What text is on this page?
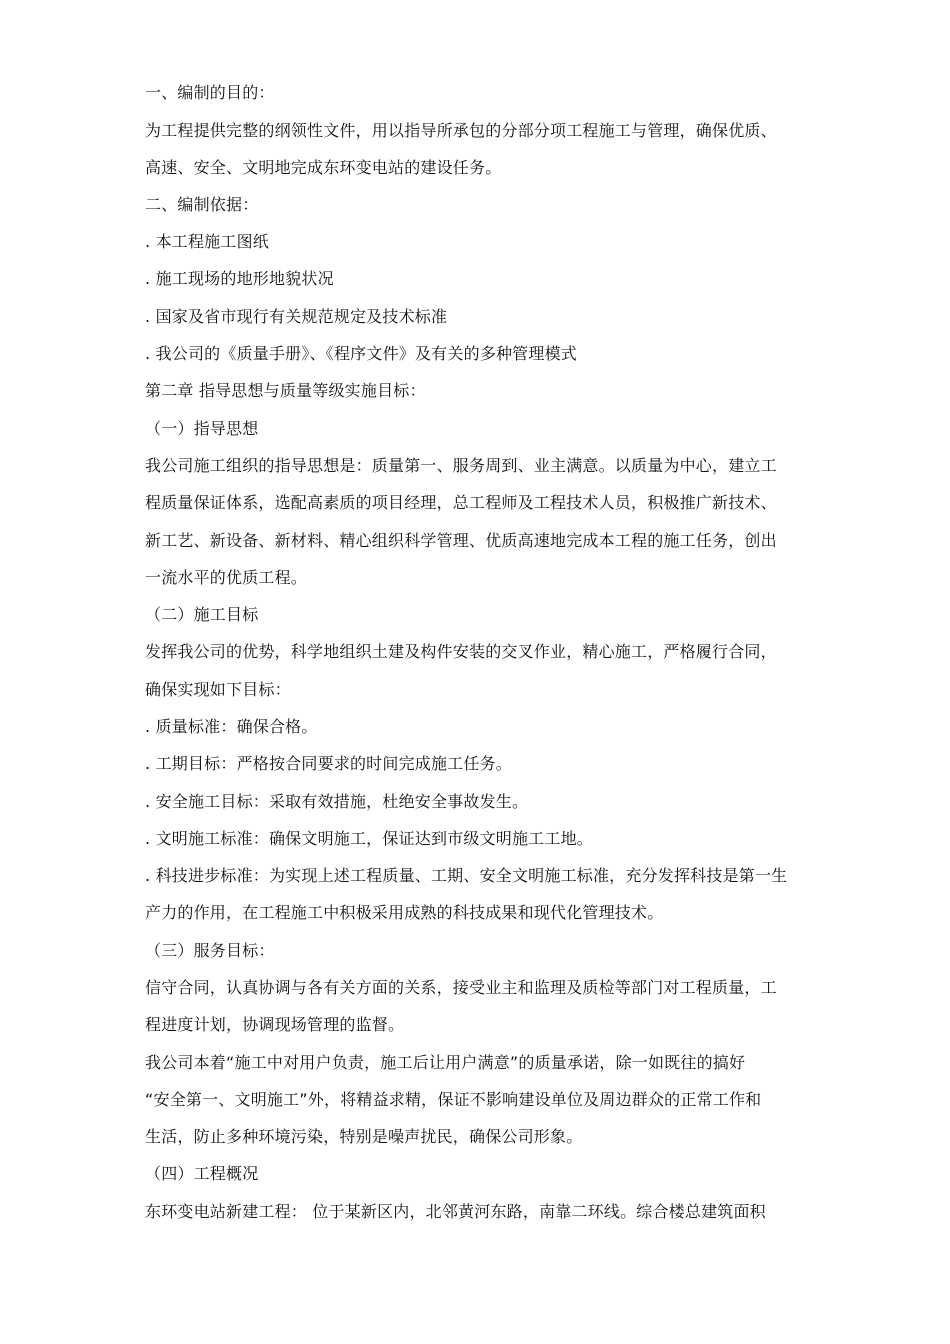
一、编制的目的：
为工程提供完整的纲领性文件，用以指导所承包的分部分项工程施工与管理，确保优质、
高速、安全、文明地完成东环变电站的建设任务。
二、编制依据：
. 本工程施工图纸
. 施工现场的地形地貌状况
. 国家及省市现行有关规范规定及技术标准
. 我公司的《质量手册》、《程序文件》及有关的多种管理模式
第二章 指导思想与质量等级实施目标：
（一）指导思想
我公司施工组织的指导思想是：质量第一、服务周到、业主满意。以质量为中心，建立工
程质量保证体系，选配高素质的项目经理，总工程师及工程技术人员，积极推广新技术、
新工艺、新设备、新材料、精心组织科学管理、优质高速地完成本工程的施工任务，创出
一流水平的优质工程。
（二）施工目标
发挥我公司的优势，科学地组织土建及构件安装的交叉作业，精心施工，严格履行合同，
确保实现如下目标：
. 质量标准：确保合格。
. 工期目标：严格按合同要求的时间完成施工任务。
. 安全施工目标：采取有效措施，杜绝安全事故发生。
. 文明施工标准：确保文明施工，保证达到市级文明施工工地。
. 科技进步标准：为实现上述工程质量、工期、安全文明施工标准，充分发挥科技是第一生
产力的作用，在工程施工中积极采用成熟的科技成果和现代化管理技术。
（三）服务目标：
信守合同，认真协调与各有关方面的关系，接受业主和监理及质检等部门对工程质量，工
程进度计划，协调现场管理的监督。
我公司本着“施工中对用户负责，施工后让用户满意”的质量承诺，除一如既往的搞好
“安全第一、文明施工”外，将精益求精，保证不影响建设单位及周边群众的正常工作和
生活，防止多种环境污染，特别是噪声扰民，确保公司形象。
（四）工程概况
东环变电站新建工程： 位于某新区内，北邻黄河东路，南靠二环线。综合楼总建筑面积
